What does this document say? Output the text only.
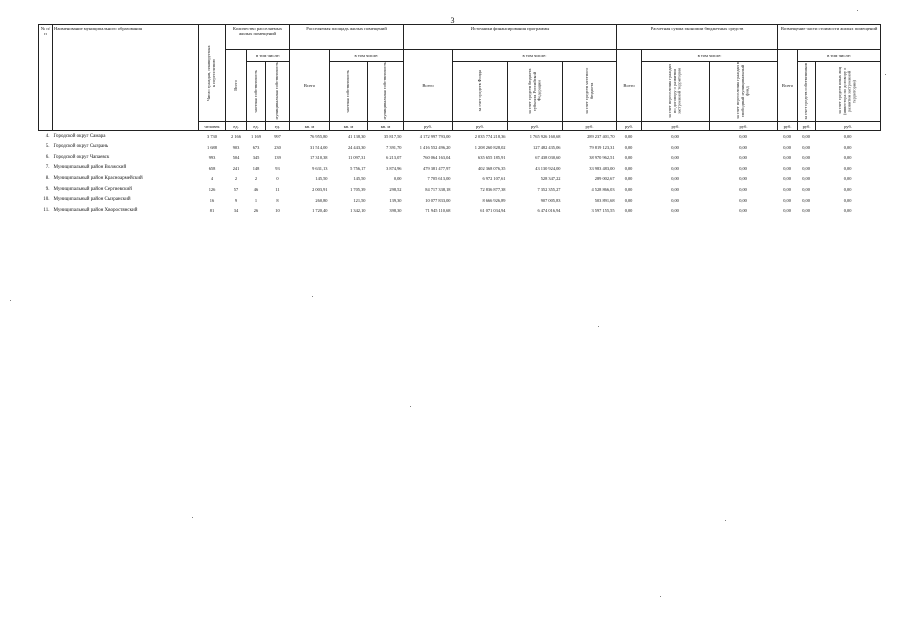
3
№ п/п	Наименование муниципального образования	Число граждан, планируемых к переселению	Количество расселяемых жилых помещений			Расселяемая площадь жилых помещений			Источники финансирования программы				Расчетная сумма экономии бюджетных средств			Возмещение части стоимости жилых помещений		
			Всего	в том числе:		Всего	в том числе:		Всего	в том числе:			Всего	в том числе:		Всего	в том числе:	
				частная собственность	муниципальная собственность		частная собственность	муниципальная собственность		за счет средств Фонда	за счет средств бюджета субъекта Российской Федерации	за счет средств местного бюджета		за счет переселения граждан по договору о развитии застроенной территории	за счет переселения граждан в свободный муниципальный фонд		за счет средств собственников	за счет средств иных лиц (инвестора по договору о развитии застроенной территории)
		человек	ед.	ед.	ед.	кв. м	кв. м	кв. м	руб.	руб.	руб.	руб.	руб.	руб.	руб.	руб.	руб.	руб.
4.	Городской округ Самара	3 730	2 166	1 169	997	76 955,80	41 138,30	35 817,50	4 172 997 793,00	2 035 774 218,36	1 765 926 160,68	289 237 401,70	0,00	0,00	0,00	0,00	0,00	0,00
5.	Городской округ Сызрань	1 688	903	673	230	31 514,00	24 443,30	7 391,70	1 416 552 496,20	1 208 260 828,02	127 482 435,06	79 819 123,31	0,00	0,00	0,00	0,00	0,00	0,00
6.	Городской округ Чапаевск	993	504	345	139	17 310,38	11 097,31	6 213,07	760 064 163,04	635 655 185,91	67 438 030,60	38 970 962,51	0,00	0,00	0,00	0,00	0,00	0,00
7.	Муниципальный район Волжский	658	241	148	93	9 631,13	5 756,17	3 874,96	479 381 477,97	402 368 076,35	43 130 924,00	33 983 483,00	0,00	0,00	0,00	0,00	0,00	0,00
8.	Муниципальный район Красноармейский	4	2	2	0	145,50	145,50	0,00	7 705 613,00	6 972 107,61	528 347,22	289 002,67	0,00	0,00	0,00	0,00	0,00	0,00
9.	Муниципальный район Сергиевский	126	57	46	11	2 003,91	1 705,39	298,52	84 717 338,18	72 836 877,38	7 352 355,27	4 528 866,03	0,00	0,00	0,00	0,00	0,00	0,00
10.	Муниципальный район Сызранский	16	9	1	8	260,80	121,50	139,30	10 077 833,00	8 666 926,89	907 005,83	503 891,68	0,00	0,00	0,00	0,00	0,00	0,00
11.	Муниципальный район Хворостянский	81	34	26	10	1 720,40	1 342,10	398,30	71 945 110,68	61 071 034,94	6 474 016,94	3 597 155,55	0,00	0,00	0,00	0,00	0,00	0,00
